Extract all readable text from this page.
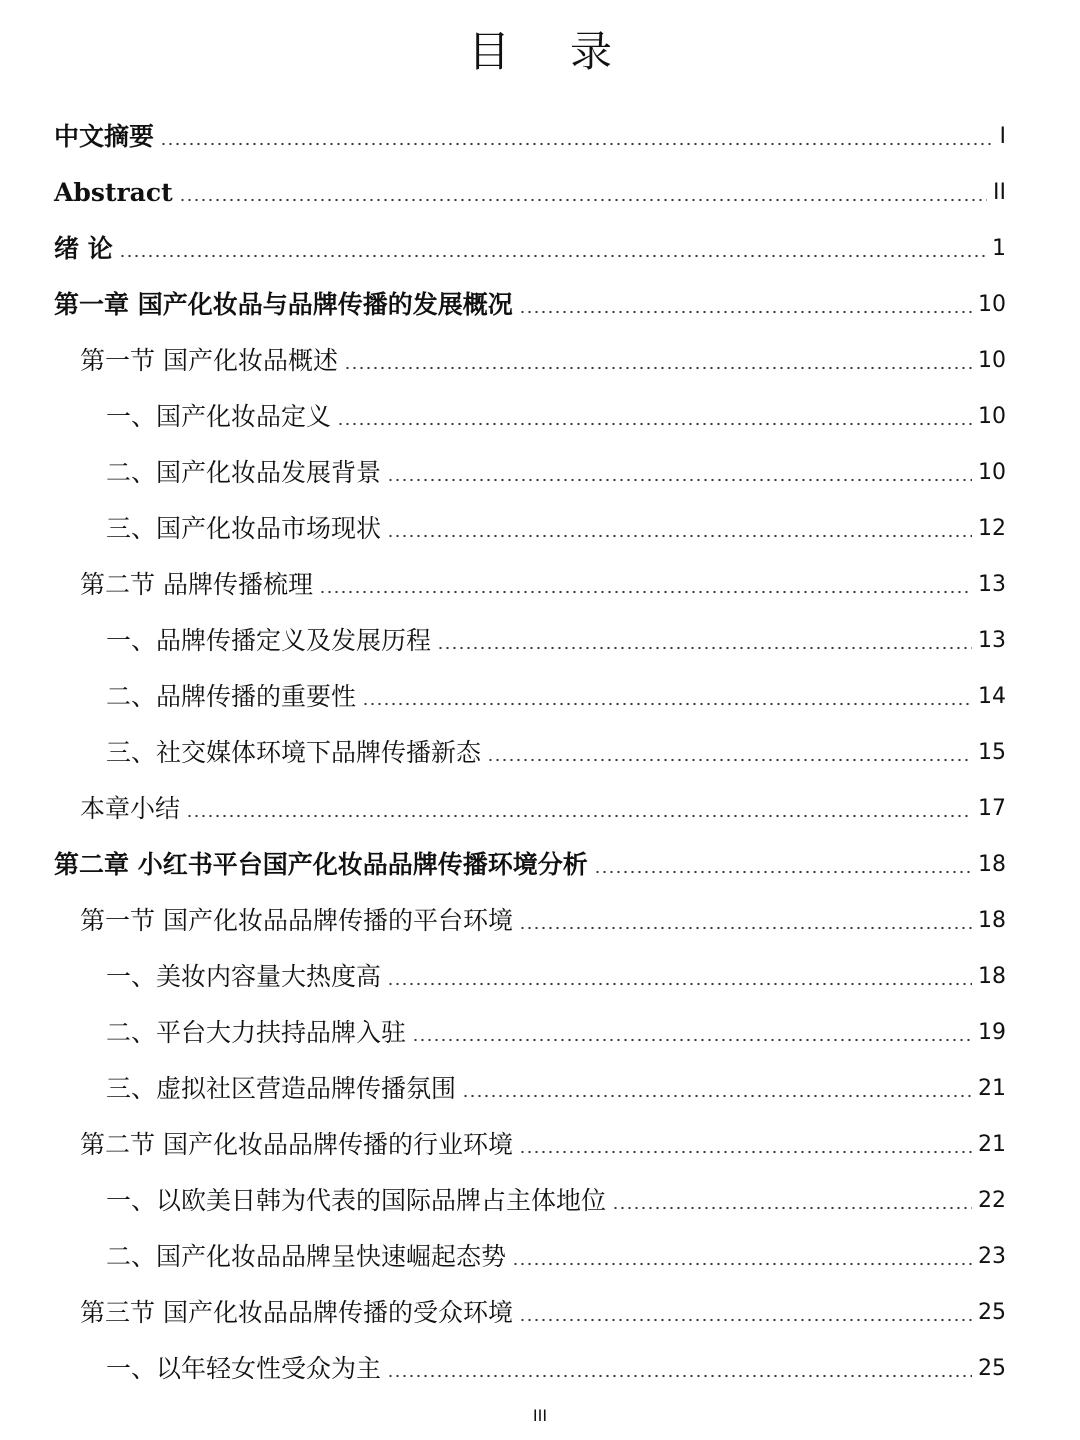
目录
中文摘要	I
Abstract	II
绪 论	1
第一章 国产化妆品与品牌传播的发展概况	10
第一节 国产化妆品概述	10
一、国产化妆品定义	10
二、国产化妆品发展背景	10
三、国产化妆品市场现状	12
第二节 品牌传播梳理	13
一、品牌传播定义及发展历程	13
二、品牌传播的重要性	14
三、社交媒体环境下品牌传播新态	15
本章小结	17
第二章 小红书平台国产化妆品品牌传播环境分析	18
第一节 国产化妆品品牌传播的平台环境	18
一、美妆内容量大热度高	18
二、平台大力扶持品牌入驻	19
三、虚拟社区营造品牌传播氛围	21
第二节 国产化妆品品牌传播的行业环境	21
一、以欧美日韩为代表的国际品牌占主体地位	22
二、国产化妆品品牌呈快速崛起态势	23
第三节 国产化妆品品牌传播的受众环境	25
一、以年轻女性受众为主	25
III
